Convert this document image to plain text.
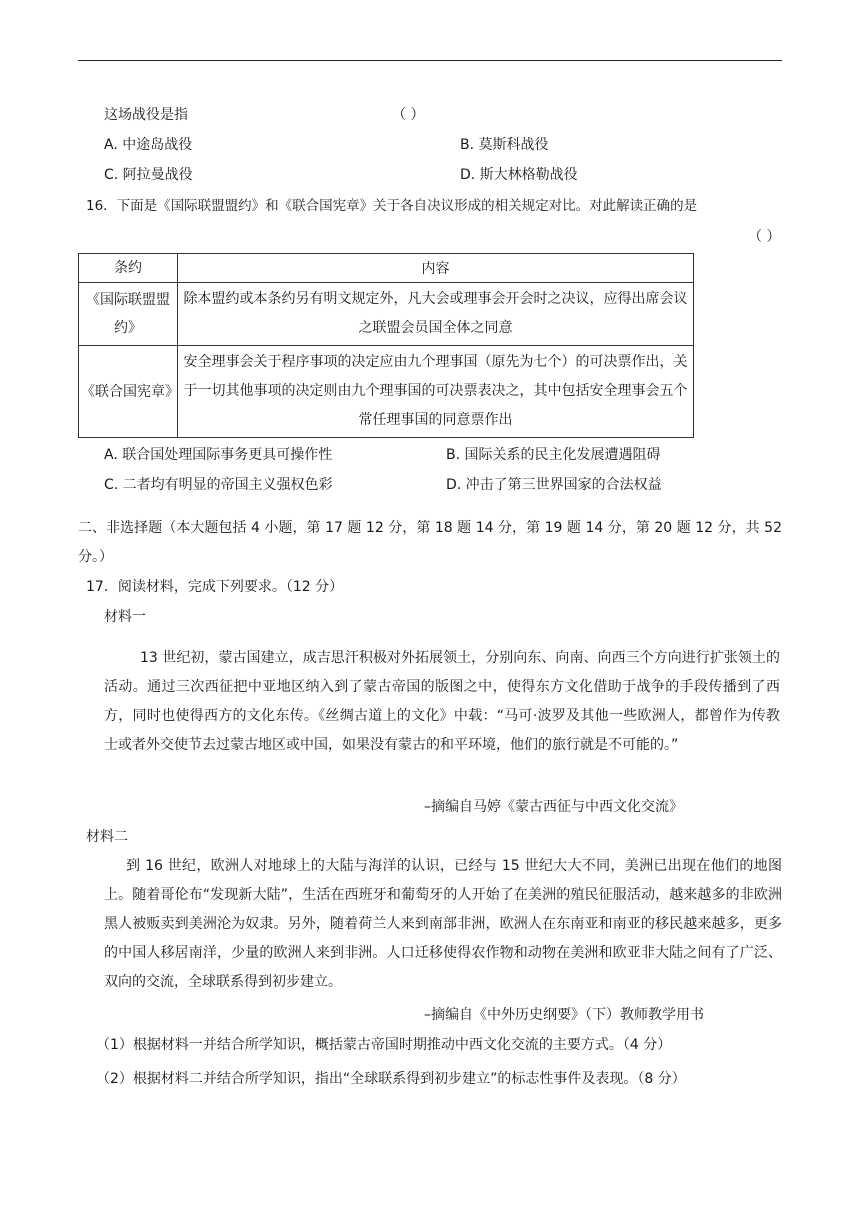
这场战役是指	（ ）
A. 中途岛战役	B. 莫斯科战役
C. 阿拉曼战役	D. 斯大林格勒战役
16．下面是《国际联盟盟约》和《联合国宪章》关于各自决议形成的相关规定对比。对此解读正确的是
（ ）
条约	内容
《国际联盟盟约》	除本盟约或本条约另有明文规定外，凡大会或理事会开会时之决议，应得出席会议之联盟会员国全体之同意
《联合国宪章》	安全理事会关于程序事项的决定应由九个理事国（原先为七个）的可决票作出，关于一切其他事项的决定则由九个理事国的可决票表决之，其中包括安全理事会五个常任理事国的同意票作出
A. 联合国处理国际事务更具可操作性	B. 国际关系的民主化发展遭遇阻碍
C. 二者均有明显的帝国主义强权色彩	D. 冲击了第三世界国家的合法权益
二、非选择题（本大题包括 4 小题，第 17 题 12 分，第 18 题 14 分，第 19 题 14 分，第 20 题 12 分，共 52 分。）
17．阅读材料，完成下列要求。（12 分）
材料一
13 世纪初，蒙古国建立，成吉思汗积极对外拓展领土，分别向东、向南、向西三个方向进行扩张领土的活动。通过三次西征把中亚地区纳入到了蒙古帝国的版图之中，使得东方文化借助于战争的手段传播到了西方，同时也使得西方的文化东传。《丝绸古道上的文化》中载：“马可·波罗及其他一些欧洲人，都曾作为传教士或者外交使节去过蒙古地区或中国，如果没有蒙古的和平环境，他们的旅行就是不可能的。”
–摘编自马婷《蒙古西征与中西文化交流》
材料二
到 16 世纪，欧洲人对地球上的大陆与海洋的认识，已经与 15 世纪大大不同，美洲已出现在他们的地图上。随着哥伦布“发现新大陆”，生活在西班牙和葡萄牙的人开始了在美洲的殖民征服活动，越来越多的非欧洲黑人被贩卖到美洲沦为奴隶。另外，随着荷兰人来到南部非洲，欧洲人在东南亚和南亚的移民越来越多，更多的中国人移居南洋，少量的欧洲人来到非洲。人口迁移使得农作物和动物在美洲和欧亚非大陆之间有了广泛、双向的交流，全球联系得到初步建立。
–摘编自《中外历史纲要》（下）教师教学用书
（1）根据材料一并结合所学知识，概括蒙古帝国时期推动中西文化交流的主要方式。（4 分）
（2）根据材料二并结合所学知识，指出“全球联系得到初步建立”的标志性事件及表现。（8 分）
